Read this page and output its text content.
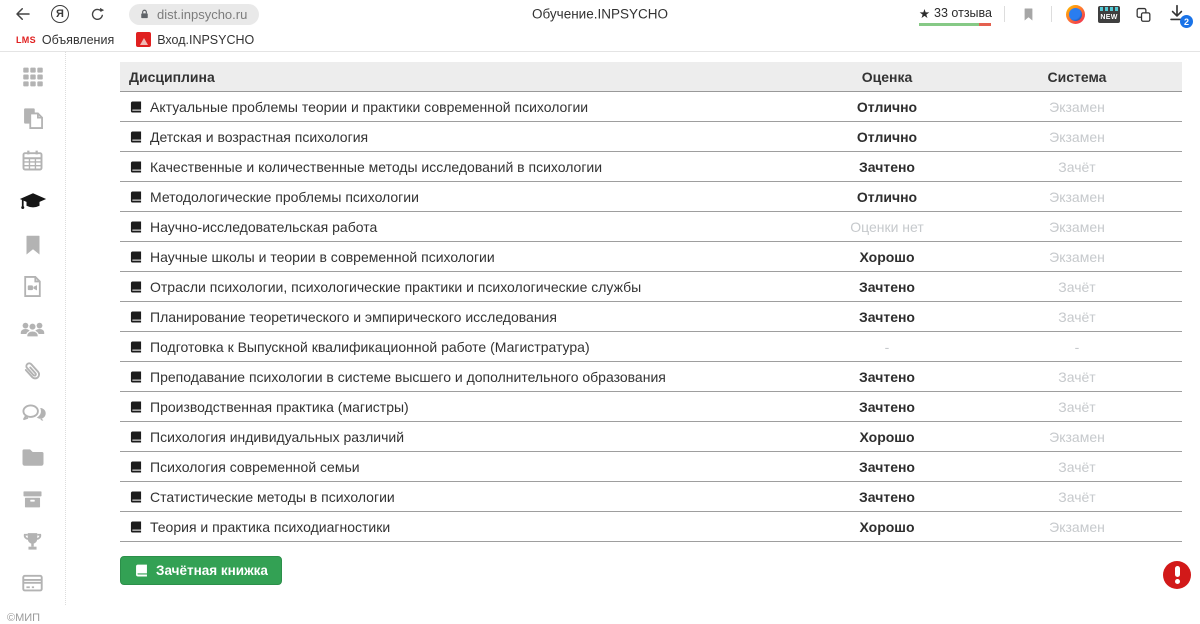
Я	dist.inpsycho.ru	Обучение.INPSYCHO	★ 33 отзыва	NEW	2
LMS Объявления	Вход.INPSYCHO
©МИП
Дисциплина	Оценка	Система
Актуальные проблемы теории и практики современной психологии	Отлично	Экзамен
Детская и возрастная психология	Отлично	Экзамен
Качественные и количественные методы исследований в психологии	Зачтено	Зачёт
Методологические проблемы психологии	Отлично	Экзамен
Научно-исследовательская работа	Оценки нет	Экзамен
Научные школы и теории в современной психологии	Хорошо	Экзамен
Отрасли психологии, психологические практики и психологические службы	Зачтено	Зачёт
Планирование теоретического и эмпирического исследования	Зачтено	Зачёт
Подготовка к Выпускной квалификационной работе (Магистратура)	-	-
Преподавание психологии в системе высшего и дополнительного образования	Зачтено	Зачёт
Производственная практика (магистры)	Зачтено	Зачёт
Психология индивидуальных различий	Хорошо	Экзамен
Психология современной семьи	Зачтено	Зачёт
Статистические методы в психологии	Зачтено	Зачёт
Теория и практика психодиагностики	Хорошо	Экзамен
Зачётная книжка
